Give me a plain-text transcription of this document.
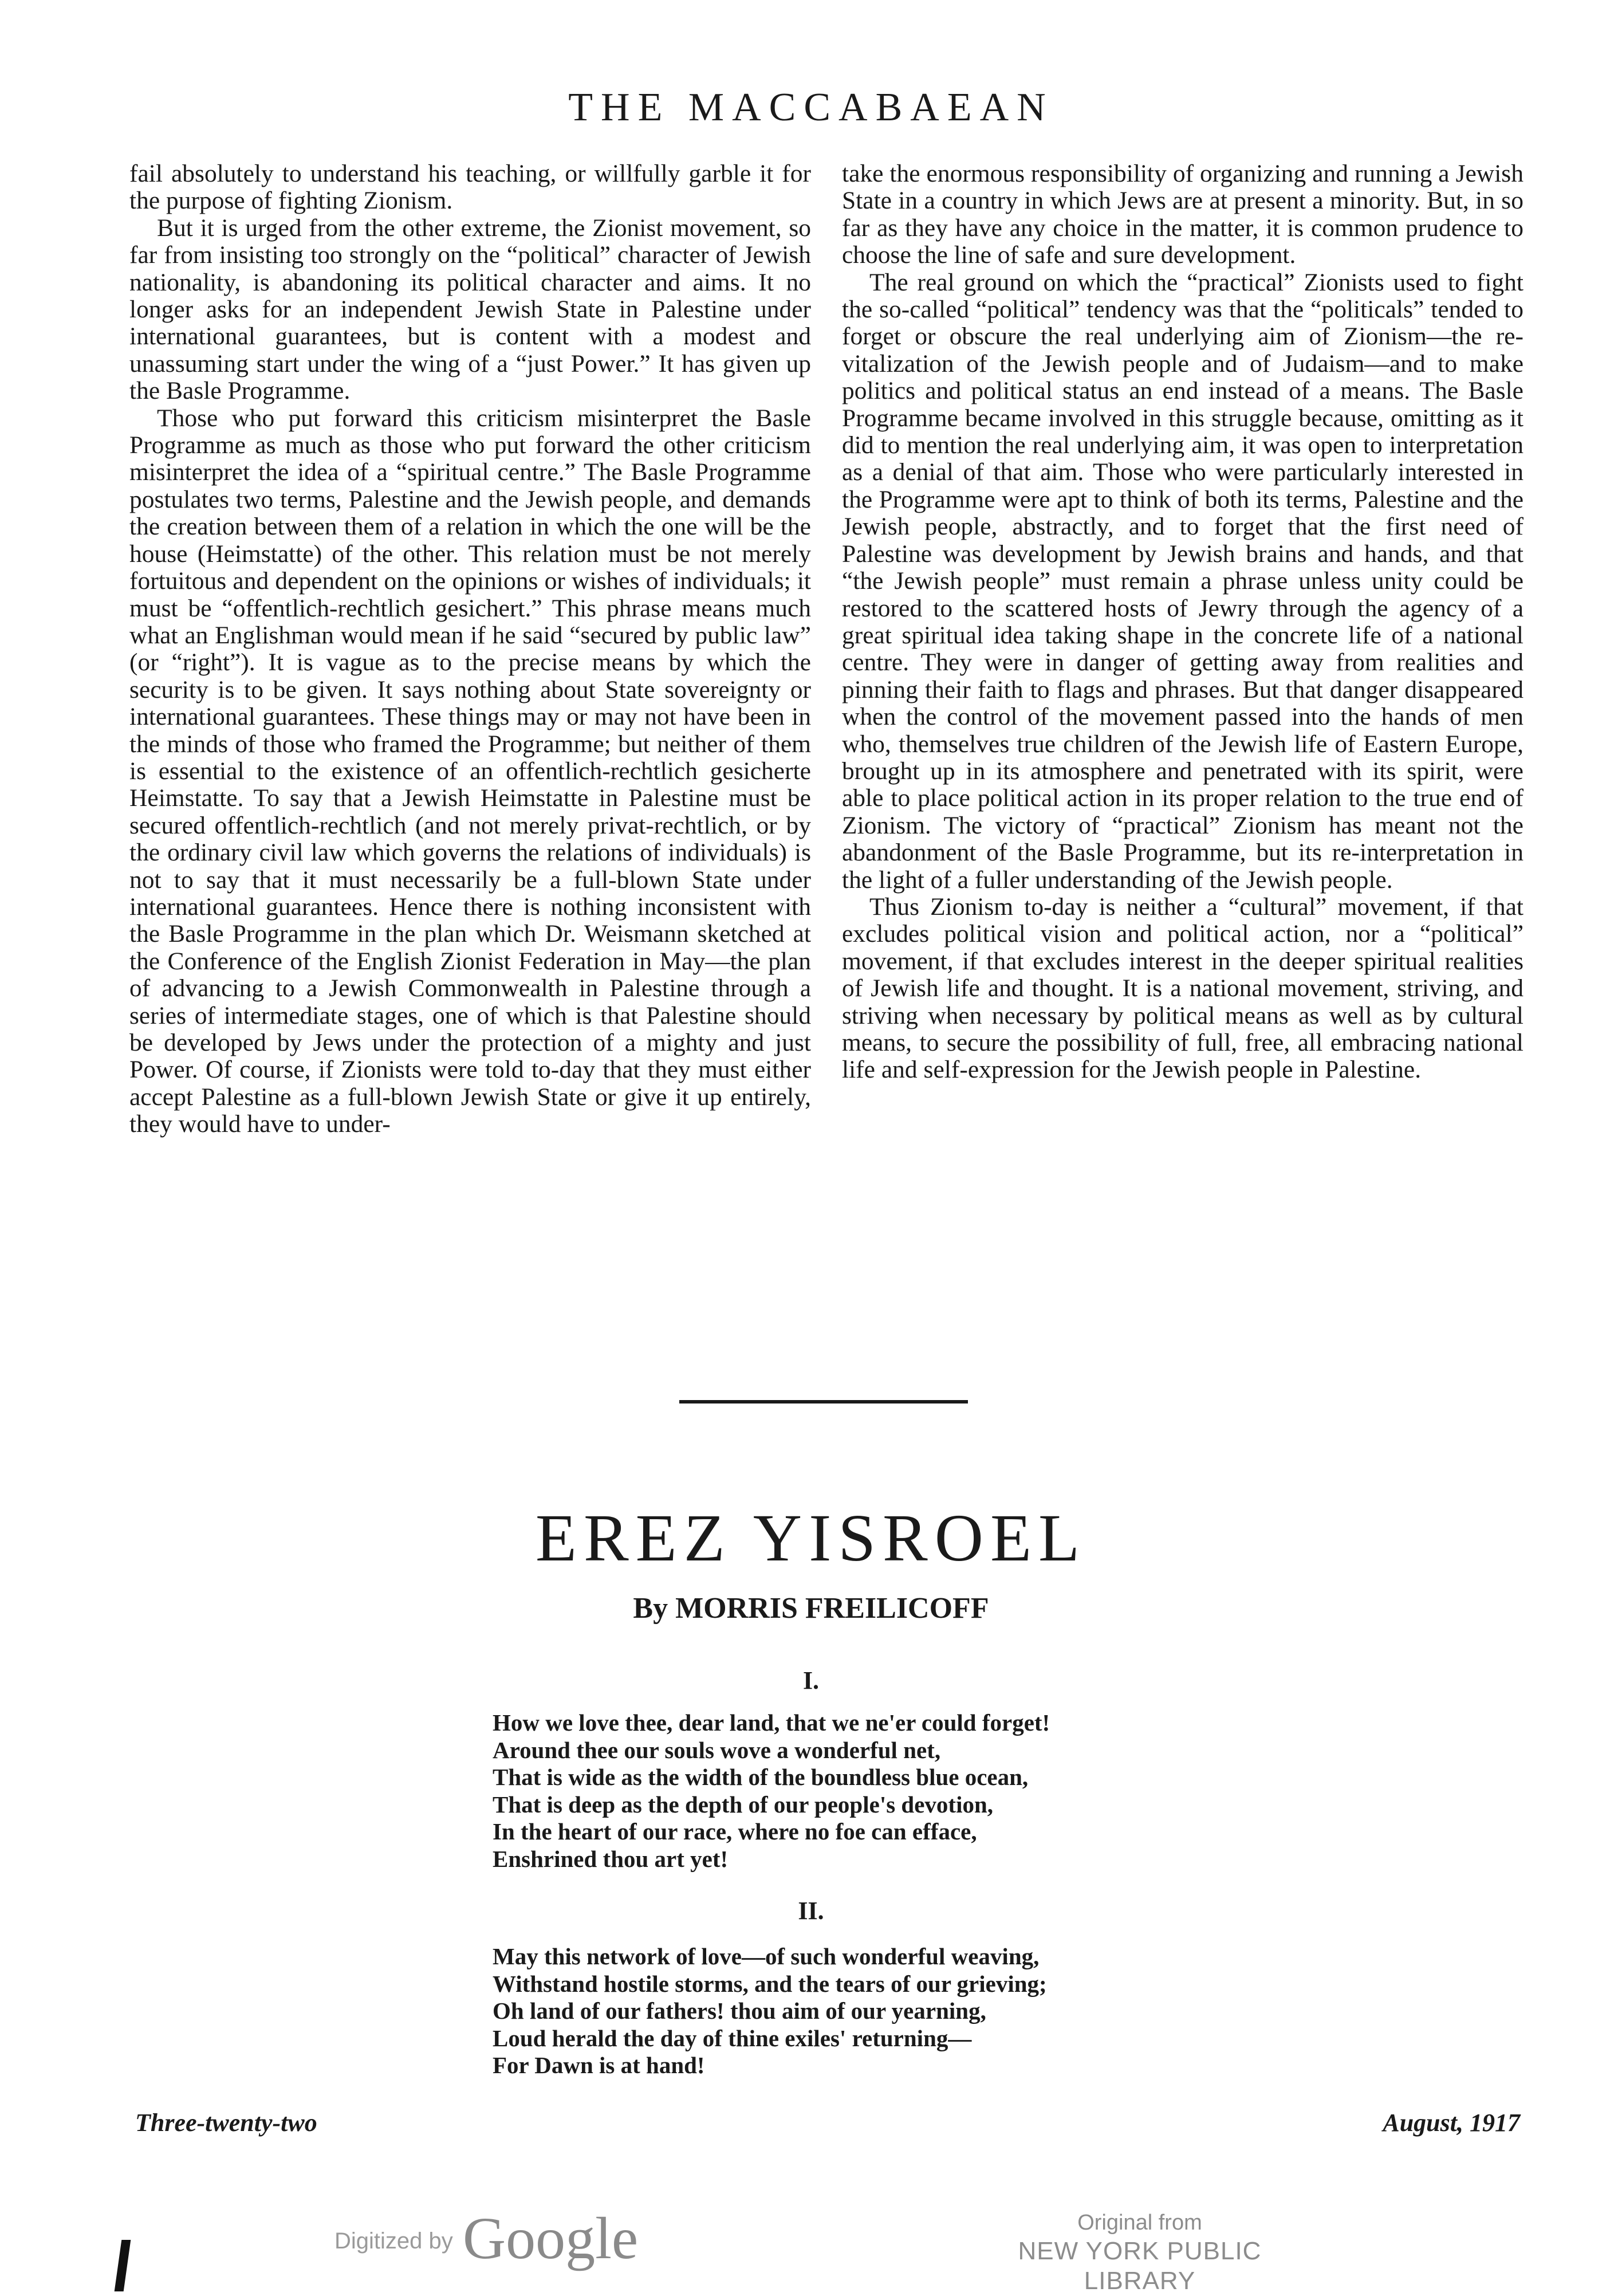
THE MACCABAEAN

fail absolutely to understand his teaching, or willfully garble it for the purpose of fighting Zionism.

But it is urged from the other extreme, the Zionist movement, so far from insisting too strongly on the “political” character of Jewish nationality, is abandoning its political character and aims. It no longer asks for an independent Jewish State in Palestine under international guarantees, but is content with a modest and unassuming start under the wing of a “just Power.” It has given up the Basle Programme.

Those who put forward this criticism misinterpret the Basle Programme as much as those who put forward the other criticism misinterpret the idea of a “spiritual centre.” The Basle Programme postulates two terms, Palestine and the Jewish people, and demands the creation between them of a relation in which the one will be the house (Heimstatte) of the other. This relation must be not merely fortuitous and dependent on the opinions or wishes of individuals; it must be “offentlich-rechtlich gesichert.” This phrase means much what an Englishman would mean if he said “secured by public law” (or “right”). It is vague as to the precise means by which the security is to be given. It says nothing about State sovereignty or international guarantees. These things may or may not have been in the minds of those who framed the Programme; but neither of them is essential to the existence of an offentlich-rechtlich gesicherte Heimstatte. To say that a Jewish Heimstatte in Palestine must be secured offentlich-rechtlich (and not merely privat-rechtlich, or by the ordinary civil law which governs the relations of individuals) is not to say that it must necessarily be a full-blown State under international guarantees. Hence there is nothing inconsistent with the Basle Programme in the plan which Dr. Weismann sketched at the Conference of the English Zionist Federation in May—the plan of advancing to a Jewish Commonwealth in Palestine through a series of intermediate stages, one of which is that Palestine should be developed by Jews under the protection of a mighty and just Power. Of course, if Zionists were told to-day that they must either accept Palestine as a full-blown Jewish State or give it up entirely, they would have to under-

take the enormous responsibility of organizing and running a Jewish State in a country in which Jews are at present a minority. But, in so far as they have any choice in the matter, it is common prudence to choose the line of safe and sure development.

The real ground on which the “practical” Zionists used to fight the so-called “political” tendency was that the “politicals” tended to forget or obscure the real underlying aim of Zionism—the re-vitalization of the Jewish people and of Judaism—and to make politics and political status an end instead of a means. The Basle Programme became involved in this struggle because, omitting as it did to mention the real underlying aim, it was open to interpretation as a denial of that aim. Those who were particularly interested in the Programme were apt to think of both its terms, Palestine and the Jewish people, abstractly, and to forget that the first need of Palestine was development by Jewish brains and hands, and that “the Jewish people” must remain a phrase unless unity could be restored to the scattered hosts of Jewry through the agency of a great spiritual idea taking shape in the concrete life of a national centre. They were in danger of getting away from realities and pinning their faith to flags and phrases. But that danger disappeared when the control of the movement passed into the hands of men who, themselves true children of the Jewish life of Eastern Europe, brought up in its atmosphere and penetrated with its spirit, were able to place political action in its proper relation to the true end of Zionism. The victory of “practical” Zionism has meant not the abandonment of the Basle Programme, but its re-interpretation in the light of a fuller understanding of the Jewish people.

Thus Zionism to-day is neither a “cultural” movement, if that excludes political vision and political action, nor a “political” movement, if that excludes interest in the deeper spiritual realities of Jewish life and thought. It is a national movement, striving, and striving when necessary by political means as well as by cultural means, to secure the possibility of full, free, all embracing national life and self-expression for the Jewish people in Palestine.

EREZ YISROEL
By MORRIS FREILICOFF
I.
How we love thee, dear land, that we ne'er could forget!
Around thee our souls wove a wonderful net,
That is wide as the width of the boundless blue ocean,
That is deep as the depth of our people's devotion,
In the heart of our race, where no foe can efface,
Enshrined thou art yet!
II.
May this network of love—of such wonderful weaving,
Withstand hostile storms, and the tears of our grieving;
Oh land of our fathers! thou aim of our yearning,
Loud herald the day of thine exiles' returning—
For Dawn is at hand!
Three-twenty-two	August, 1917
Digitized by Google	Original from
NEW YORK PUBLIC LIBRARY
